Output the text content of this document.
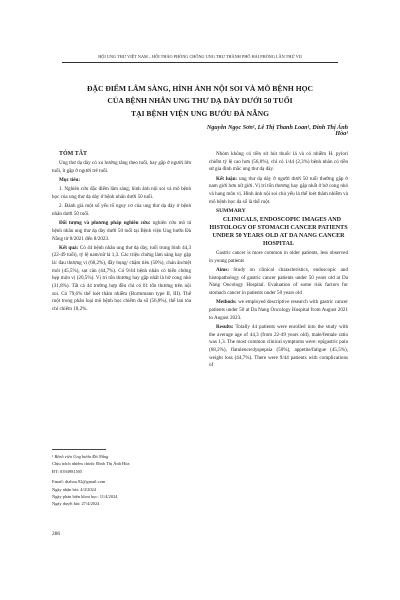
HỘI UNG THƯ VIỆT NAM – HỘI THẢO PHÒNG CHỐNG UNG THƯ THÀNH PHỐ HẢI PHÒNG LẦN THỨ VII
ĐẶC ĐIỂM LÂM SÀNG, HÌNH ẢNH NỘI SOI VÀ MÔ BỆNH HỌC
CỦA BỆNH NHÂN UNG THƯ DẠ DÀY DƯỚI 50 TUỔI
TẠI BỆNH VIỆN UNG BƯỚU ĐÀ NẴNG
Nguyễn Ngọc Sơn¹, Lê Thị Thanh Loan¹, Đinh Thị Ánh Hòa¹

TÓM TẮT

Ung thư dạ dày có xu hướng tăng theo tuổi, hay gặp ở người lớn tuổi, ít gặp ở người trẻ tuổi.

Mục tiêu:

1. Nghiên cứu đặc điểm lâm sàng, hình ảnh nội soi và mô bệnh học của ung thư dạ dày ở bệnh nhân dưới 50 tuổi.

2. Đánh giá một số yếu tố nguy cơ của ung thư dạ dày ở bệnh nhân dưới 50 tuổi.

Đối tượng và phương pháp nghiên cứu: nghiên cứu mô tả bệnh nhân ung thư dạ dày dưới 50 tuổi tại Bệnh viện Ung bướu Đà Nẵng từ 8/2021 đến 8/2023.

Kết quả: Có 44 bệnh nhân ung thư dạ dày, tuổi trung bình 44,3 (22-49 tuổi), tỷ lệ nam/nữ là 1,3. Các triệu chứng lâm sàng hay gặp là: đau thượng vị (68,2%), đầy bụng/ chậm tiêu (50%), chán ăn/mệt mỏi (45,5%), sụt cân (44,7%). Có 9/44 bệnh nhân có biến chứng hẹp môn vị (20,5%). Vị trí tổn thương hay gặp nhất là bờ cong nhỏ (31,8%). Tất cả 44 trường hợp đều chỉ có 01 tổn thương trên nội soi. Có 79,6% thể loét thâm nhiễm (Bormmann type II, III). Thể ruột trong phân loại mô bệnh học chiếm đa số (56,8%), thể lan tỏa chỉ chiếm 18,2%.

¹ Bệnh viện Ung bướu Đà Nẵng
Chịu trách nhiệm chính: Đinh Thị Ánh Hòa
ĐT: 0394981505
Email: dtahoa.92@gmail.com
Ngày nhận bài: 4/4/2024
Ngày phản biện khoa học: 11/4/2024
Ngày duyệt bài: 27/4/2024
286

Nhóm không có tiền sử hút thuốc lá và có nhiễm H. pylori chiếm tỷ lệ cao hơn (56,8%), chỉ có 1/44 (2,3%) bệnh nhân có tiền sử gia đình mắc ung thư dạ dày.

Kết luận: ung thư dạ dày ở người dưới 50 tuổi thường gặp ở nam giới hơn nữ giới. Vị trí tổn thương hay gặp nhất ở bờ cong nhỏ và hang môn vị. Hình ảnh nội soi chủ yếu là thể loét thâm nhiễm và mô bệnh học đa số là thể ruột.

SUMMARY

CLINICALS, ENDOSCOPIC IMAGES AND HISTOLOGY OF STOMACH CANCER PATIENTS UNDER 50 YEARS OLD AT DA NANG CANCER HOSPITAL

Gastric cancer is more common in older patients, less observed in young patients

Aims: Study on clinical characteristics, endoscopic and histopathology of gastric cancer patients under 50 years old at Da Nang Oncology Hospital. Evaluation of some risk factors for stomach cancer in patients under 50 years old

Methods: we employed descriptive research with gastric cancer patients under 50 at Da Nang Oncology Hospital from August 2021 to August 2023.

Results: Totally 44 patients were enrolled into the study with the average age of 44,3 (from 22-49 years old), male/female ratio was 1,3. The most common clinical symptoms were: epigastric pain (68,2%), flatulence/dyspepsia (50%), appetite/fatigue (45,5%), weight loss (44,7%). There were 9/44 patients with complications of
